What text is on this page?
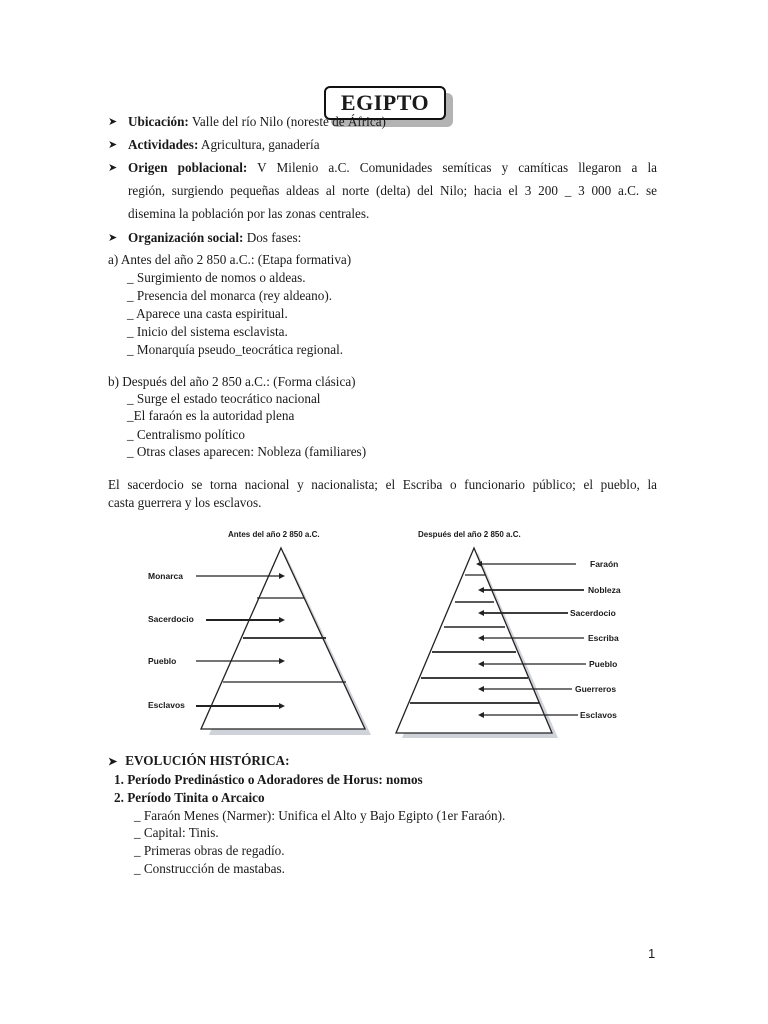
EGIPTO
➤ Ubicación: Valle del río Nilo (noreste de África)
➤ Actividades: Agricultura, ganadería
➤ Origen poblacional: V Milenio a.C. Comunidades semíticas y camíticas llegaron a la
región, surgiendo pequeñas aldeas al norte (delta) del Nilo; hacia el 3 200 _ 3 000 a.C. se
disemina la población por las zonas centrales.
➤ Organización social: Dos fases:
a) Antes del año 2 850 a.C.: (Etapa formativa)
_ Surgimiento de nomos o aldeas.
_ Presencia del monarca (rey aldeano).
_ Aparece una casta espiritual.
_ Inicio del sistema esclavista.
_ Monarquía pseudo_teocrática regional.
b) Después del año 2 850 a.C.: (Forma clásica)
_ Surge el estado teocrático nacional
_El faraón es la autoridad plena
_ Centralismo político
_ Otras clases aparecen: Nobleza (familiares)
El sacerdocio se torna nacional y nacionalista; el Escriba o funcionario público; el pueblo, la
casta guerrera y los esclavos.
Antes del año 2 850 a.C.	Después del año 2 850 a.C.
Monarca
Sacerdocio
Pueblo
Esclavos
Faraón
Nobleza
Sacerdocio
Escriba
Pueblo
Guerreros
Esclavos
➤ EVOLUCIÓN HISTÓRICA:
1. Período Predinástico o Adoradores de Horus: nomos
2. Período Tinita o Arcaico
_ Faraón Menes (Narmer): Unifica el Alto y Bajo Egipto (1er Faraón).
_ Capital: Tinis.
_ Primeras obras de regadío.
_ Construcción de mastabas.
1
